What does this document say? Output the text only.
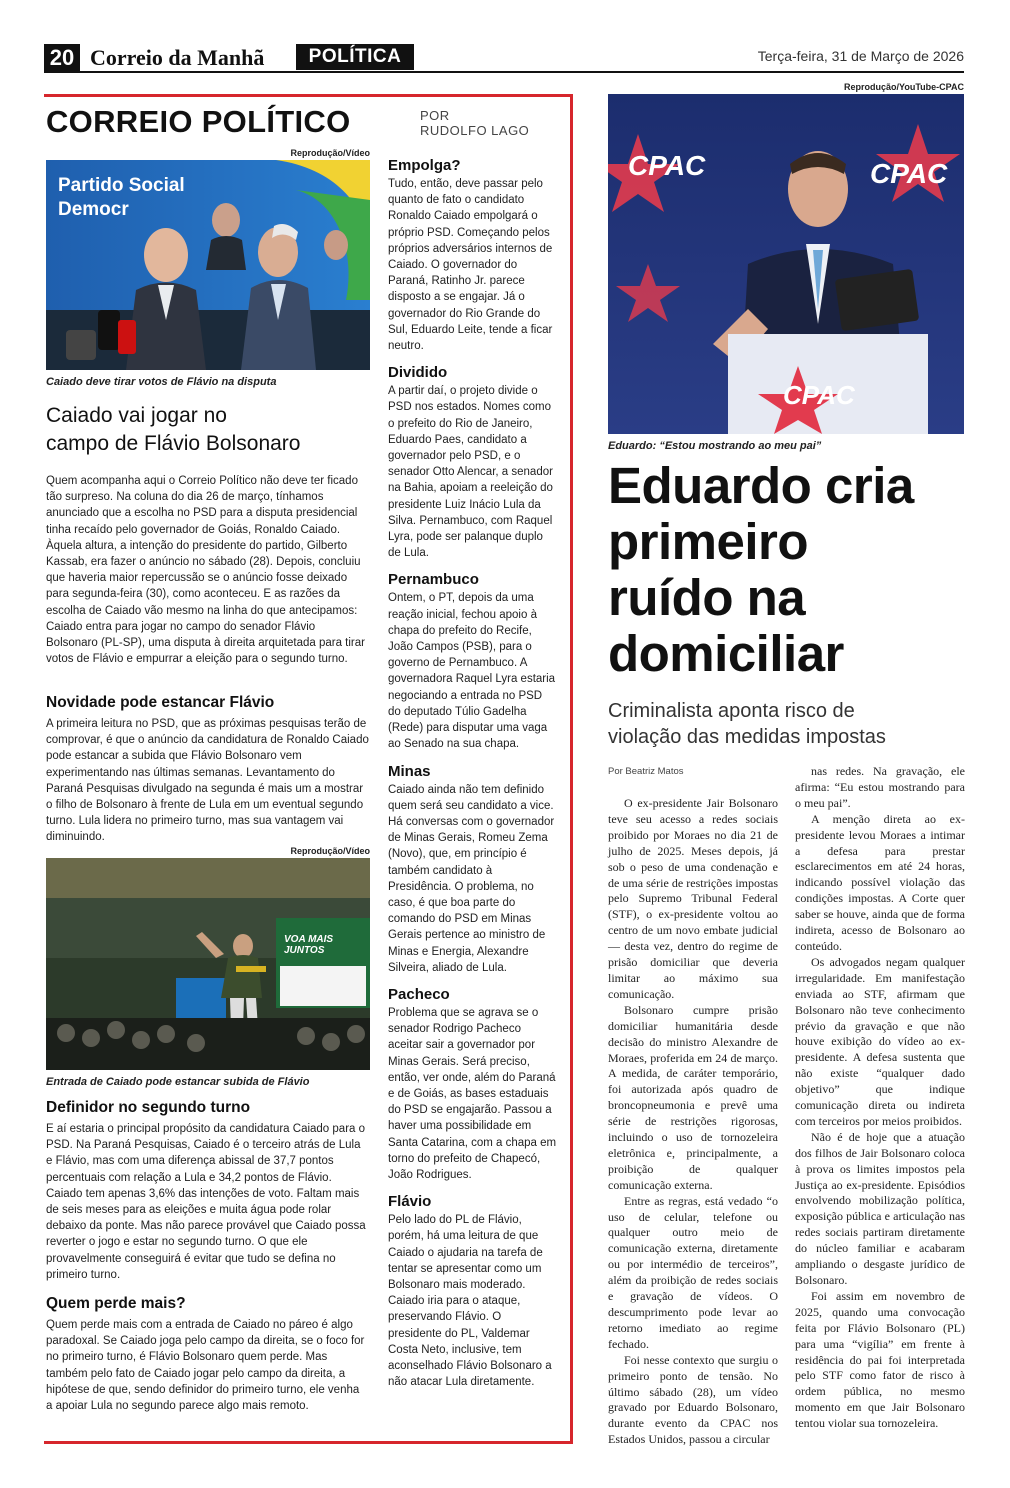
20 Correio da Manhã	POLÍTICA	Terça-feira, 31 de Março de 2026
CORREIO POLÍTICO	POR
RUDOLFO LAGO
Reprodução/Vídeo
Partido Social Democr
Caiado deve tirar votos de Flávio na disputa
Caiado vai jogar no
campo de Flávio Bolsonaro
Quem acompanha aqui o Correio Político não deve ter ficado tão surpreso. Na coluna do dia 26 de março, tínhamos anunciado que a escolha no PSD para a disputa presidencial tinha recaído pelo governador de Goiás, Ronaldo Caiado. Àquela altura, a intenção do presidente do partido, Gilberto Kassab, era fazer o anúncio no sábado (28). Depois, concluiu que haveria maior repercussão se o anúncio fosse deixado para segunda-feira (30), como aconteceu. E as razões da escolha de Caiado vão mesmo na linha do que antecipamos: Caiado entra para jogar no campo do senador Flávio Bolsonaro (PL-SP), uma disputa à direita arquitetada para tirar votos de Flávio e empurrar a eleição para o segundo turno.
Novidade pode estancar Flávio
A primeira leitura no PSD, que as próximas pesquisas terão de comprovar, é que o anúncio da candidatura de Ronaldo Caiado pode estancar a subida que Flávio Bolsonaro vem experimentando nas últimas semanas. Levantamento do Paraná Pesquisas divulgado na segunda é mais um a mostrar o filho de Bolsonaro à frente de Lula em um eventual segundo turno. Lula lidera no primeiro turno, mas sua vantagem vai diminuindo.
Reprodução/Vídeo
VOA MAIS
JUNTOS
Entrada de Caiado pode estancar subida de Flávio
Definidor no segundo turno
E aí estaria o principal propósito da candidatura Caiado para o PSD. Na Paraná Pesquisas, Caiado é o terceiro atrás de Lula e Flávio, mas com uma diferença abissal de 37,7 pontos percentuais com relação a Lula e 34,2 pontos de Flávio. Caiado tem apenas 3,6% das intenções de voto. Faltam mais de seis meses para as eleições e muita água pode rolar debaixo da ponte. Mas não parece provável que Caiado possa reverter o jogo e estar no segundo turno. O que ele provavelmente conseguirá é evitar que tudo se defina no primeiro turno.
Quem perde mais?
Quem perde mais com a entrada de Caiado no páreo é algo paradoxal. Se Caiado joga pelo campo da direita, se o foco for no primeiro turno, é Flávio Bolsonaro quem perde. Mas também pelo fato de Caiado jogar pelo campo da direita, a hipótese de que, sendo definidor do primeiro turno, ele venha a apoiar Lula no segundo parece algo mais remoto.
Empolga?
Tudo, então, deve passar pelo quanto de fato o candidato Ronaldo Caiado empolgará o próprio PSD. Começando pelos próprios adversários internos de Caiado. O governador do Paraná, Ratinho Jr. parece disposto a se engajar. Já o governador do Rio Grande do Sul, Eduardo Leite, tende a ficar neutro.
Dividido
A partir daí, o projeto divide o PSD nos estados. Nomes como o prefeito do Rio de Janeiro, Eduardo Paes, candidato a governador pelo PSD, e o senador Otto Alencar, a senador na Bahia, apoiam a reeleição do presidente Luiz Inácio Lula da Silva. Pernambuco, com Raquel Lyra, pode ser palanque duplo de Lula.
Pernambuco
Ontem, o PT, depois da uma reação inicial, fechou apoio à chapa do prefeito do Recife, João Campos (PSB), para o governo de Pernambuco. A governadora Raquel Lyra estaria negociando a entrada no PSD do deputado Túlio Gadelha (Rede) para disputar uma vaga ao Senado na sua chapa.
Minas
Caiado ainda não tem definido quem será seu candidato a vice. Há conversas com o governador de Minas Gerais, Romeu Zema (Novo), que, em princípio é também candidato à Presidência. O problema, no caso, é que boa parte do comando do PSD em Minas Gerais pertence ao ministro de Minas e Energia, Alexandre Silveira, aliado de Lula.
Pacheco
Problema que se agrava se o senador Rodrigo Pacheco aceitar sair a governador por Minas Gerais. Será preciso, então, ver onde, além do Paraná e de Goiás, as bases estaduais do PSD se engajarão. Passou a haver uma possibilidade em Santa Catarina, com a chapa em torno do prefeito de Chapecó, João Rodrigues.
Flávio
Pelo lado do PL de Flávio, porém, há uma leitura de que Caiado o ajudaria na tarefa de tentar se apresentar como um Bolsonaro mais moderado. Caiado iria para o ataque, preservando Flávio. O presidente do PL, Valdemar Costa Neto, inclusive, tem aconselhado Flávio Bolsonaro a não atacar Lula diretamente.
Reprodução/YouTube-CPAC
CPAC	CPAC
CPAC
Eduardo: “Estou mostrando ao meu pai”
Eduardo cria
primeiro
ruído na
domiciliar
Criminalista aponta risco de
violação das medidas impostas
Por Beatriz Matos

O ex-presidente Jair Bolsonaro teve seu acesso a redes sociais proibido por Moraes no dia 21 de julho de 2025. Meses depois, já sob o peso de uma condenação e de uma série de restrições impostas pelo Supremo Tribunal Federal (STF), o ex-presidente voltou ao centro de um novo embate judicial — desta vez, dentro do regime de prisão domiciliar que deveria limitar ao máximo sua comunicação.

Bolsonaro cumpre prisão domiciliar humanitária desde decisão do ministro Alexandre de Moraes, proferida em 24 de março. A medida, de caráter temporário, foi autorizada após quadro de broncopneumonia e prevê uma série de restrições rigorosas, incluindo o uso de tornozeleira eletrônica e, principalmente, a proibição de qualquer comunicação externa.

Entre as regras, está vedado “o uso de celular, telefone ou qualquer outro meio de comunicação externa, diretamente ou por intermédio de terceiros”, além da proibição de redes sociais e gravação de vídeos. O descumprimento pode levar ao retorno imediato ao regime fechado.

Foi nesse contexto que surgiu o primeiro ponto de tensão. No último sábado (28), um vídeo gravado por Eduardo Bolsonaro, durante evento da CPAC nos Estados Unidos, passou a circular

nas redes. Na gravação, ele afirma: “Eu estou mostrando para o meu pai”.

A menção direta ao ex-presidente levou Moraes a intimar a defesa para prestar esclarecimentos em até 24 horas, indicando possível violação das condições impostas. A Corte quer saber se houve, ainda que de forma indireta, acesso de Bolsonaro ao conteúdo.

Os advogados negam qualquer irregularidade. Em manifestação enviada ao STF, afirmam que Bolsonaro não teve conhecimento prévio da gravação e que não houve exibição do vídeo ao ex-presidente. A defesa sustenta que não existe “qualquer dado objetivo” que indique comunicação direta ou indireta com terceiros por meios proibidos.

Não é de hoje que a atuação dos filhos de Jair Bolsonaro coloca à prova os limites impostos pela Justiça ao ex-presidente. Episódios envolvendo mobilização política, exposição pública e articulação nas redes sociais partiram diretamente do núcleo familiar e acabaram ampliando o desgaste jurídico de Bolsonaro.

Foi assim em novembro de 2025, quando uma convocação feita por Flávio Bolsonaro (PL) para uma “vigília” em frente à residência do pai foi interpretada pelo STF como fator de risco à ordem pública, no mesmo momento em que Jair Bolsonaro tentou violar sua tornozeleira.
